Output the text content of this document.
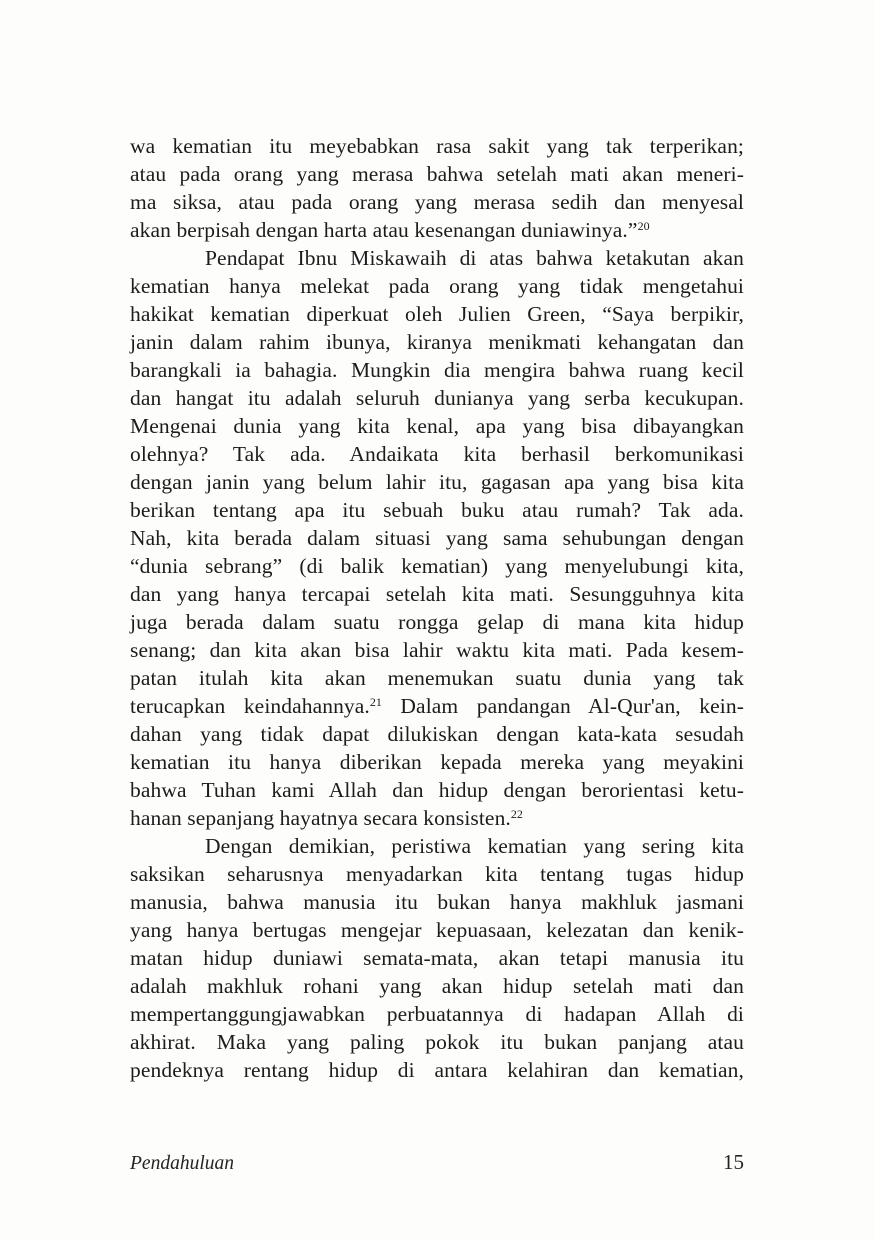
wa kematian itu meyebabkan rasa sakit yang tak terperikan;
atau pada orang yang merasa bahwa setelah mati akan meneri-
ma siksa, atau pada orang yang merasa sedih dan menyesal
akan berpisah dengan harta atau kesenangan duniawinya.”$^{20}$
Pendapat Ibnu Miskawaih di atas bahwa ketakutan akan
kematian hanya melekat pada orang yang tidak mengetahui
hakikat kematian diperkuat oleh Julien Green, “Saya berpikir,
janin dalam rahim ibunya, kiranya menikmati kehangatan dan
barangkali ia bahagia. Mungkin dia mengira bahwa ruang kecil
dan hangat itu adalah seluruh dunianya yang serba kecukupan.
Mengenai dunia yang kita kenal, apa yang bisa dibayangkan
olehnya? Tak ada. Andaikata kita berhasil berkomunikasi
dengan janin yang belum lahir itu, gagasan apa yang bisa kita
berikan tentang apa itu sebuah buku atau rumah? Tak ada.
Nah, kita berada dalam situasi yang sama sehubungan dengan
“dunia sebrang” (di balik kematian) yang menyelubungi kita,
dan yang hanya tercapai setelah kita mati. Sesungguhnya kita
juga berada dalam suatu rongga gelap di mana kita hidup
senang; dan kita akan bisa lahir waktu kita mati. Pada kesem-
patan itulah kita akan menemukan suatu dunia yang tak
terucapkan keindahannya.$^{21}$ Dalam pandangan Al-Qur'an, kein-
dahan yang tidak dapat dilukiskan dengan kata-kata sesudah
kematian itu hanya diberikan kepada mereka yang meyakini
bahwa Tuhan kami Allah dan hidup dengan berorientasi ketu-
hanan sepanjang hayatnya secara konsisten.$^{22}$
Dengan demikian, peristiwa kematian yang sering kita
saksikan seharusnya menyadarkan kita tentang tugas hidup
manusia, bahwa manusia itu bukan hanya makhluk jasmani
yang hanya bertugas mengejar kepuasaan, kelezatan dan kenik-
matan hidup duniawi semata-mata, akan tetapi manusia itu
adalah makhluk rohani yang akan hidup setelah mati dan
mempertanggungjawabkan perbuatannya di hadapan Allah di
akhirat. Maka yang paling pokok itu bukan panjang atau
pendeknya rentang hidup di antara kelahiran dan kematian,
Pendahuluan	15
